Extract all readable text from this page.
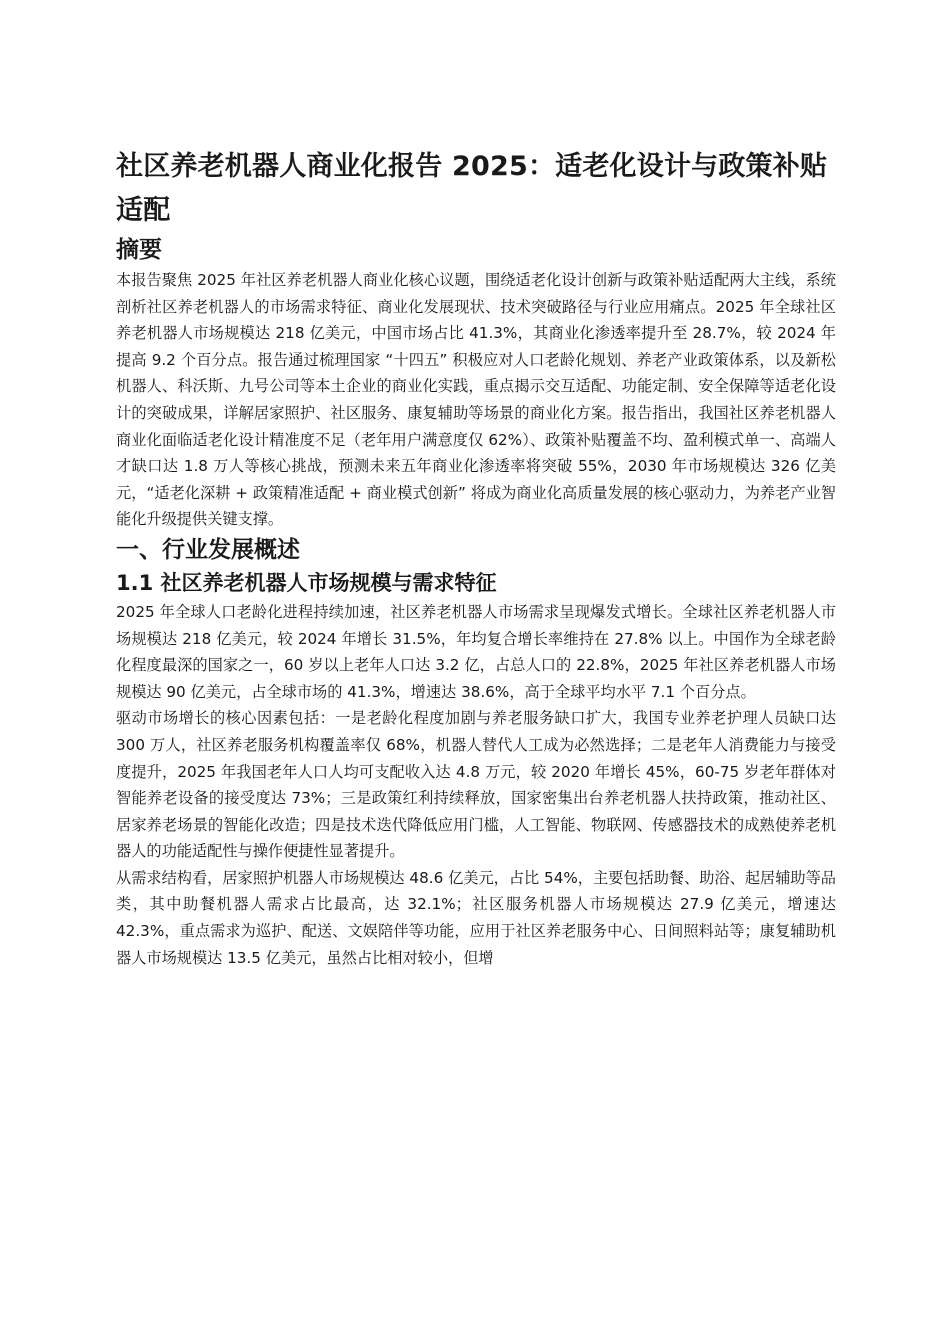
社区养老机器人商业化报告 2025：适老化设计与政策补贴适配
摘要

本报告聚焦 2025 年社区养老机器人商业化核心议题，围绕适老化设计创新与政策补贴适配两大主线，系统剖析社区养老机器人的市场需求特征、商业化发展现状、技术突破路径与行业应用痛点。2025 年全球社区养老机器人市场规模达 218 亿美元，中国市场占比 41.3%，其商业化渗透率提升至 28.7%，较 2024 年提高 9.2 个百分点。报告通过梳理国家 “十四五” 积极应对人口老龄化规划、养老产业政策体系，以及新松机器人、科沃斯、九号公司等本土企业的商业化实践，重点揭示交互适配、功能定制、安全保障等适老化设计的突破成果，详解居家照护、社区服务、康复辅助等场景的商业化方案。报告指出，我国社区养老机器人商业化面临适老化设计精准度不足（老年用户满意度仅 62%）、政策补贴覆盖不均、盈利模式单一、高端人才缺口达 1.8 万人等核心挑战，预测未来五年商业化渗透率将突破 55%，2030 年市场规模达 326 亿美元，“适老化深耕 + 政策精准适配 + 商业模式创新” 将成为商业化高质量发展的核心驱动力，为养老产业智能化升级提供关键支撑。

一、行业发展概述
1.1 社区养老机器人市场规模与需求特征

2025 年全球人口老龄化进程持续加速，社区养老机器人市场需求呈现爆发式增长。全球社区养老机器人市场规模达 218 亿美元，较 2024 年增长 31.5%，年均复合增长率维持在 27.8% 以上。中国作为全球老龄化程度最深的国家之一，60 岁以上老年人口达 3.2 亿，占总人口的 22.8%，2025 年社区养老机器人市场规模达 90 亿美元，占全球市场的 41.3%，增速达 38.6%，高于全球平均水平 7.1 个百分点。

驱动市场增长的核心因素包括：一是老龄化程度加剧与养老服务缺口扩大，我国专业养老护理人员缺口达 300 万人，社区养老服务机构覆盖率仅 68%，机器人替代人工成为必然选择；二是老年人消费能力与接受度提升，2025 年我国老年人口人均可支配收入达 4.8 万元，较 2020 年增长 45%，60-75 岁老年群体对智能养老设备的接受度达 73%；三是政策红利持续释放，国家密集出台养老机器人扶持政策，推动社区、居家养老场景的智能化改造；四是技术迭代降低应用门槛，人工智能、物联网、传感器技术的成熟使养老机器人的功能适配性与操作便捷性显著提升。

从需求结构看，居家照护机器人市场规模达 48.6 亿美元，占比 54%，主要包括助餐、助浴、起居辅助等品类，其中助餐机器人需求占比最高，达 32.1%；社区服务机器人市场规模达 27.9 亿美元，增速达 42.3%，重点需求为巡护、配送、文娱陪伴等功能，应用于社区养老服务中心、日间照料站等；康复辅助机器人市场规模达 13.5 亿美元，虽然占比相对较小，但增
